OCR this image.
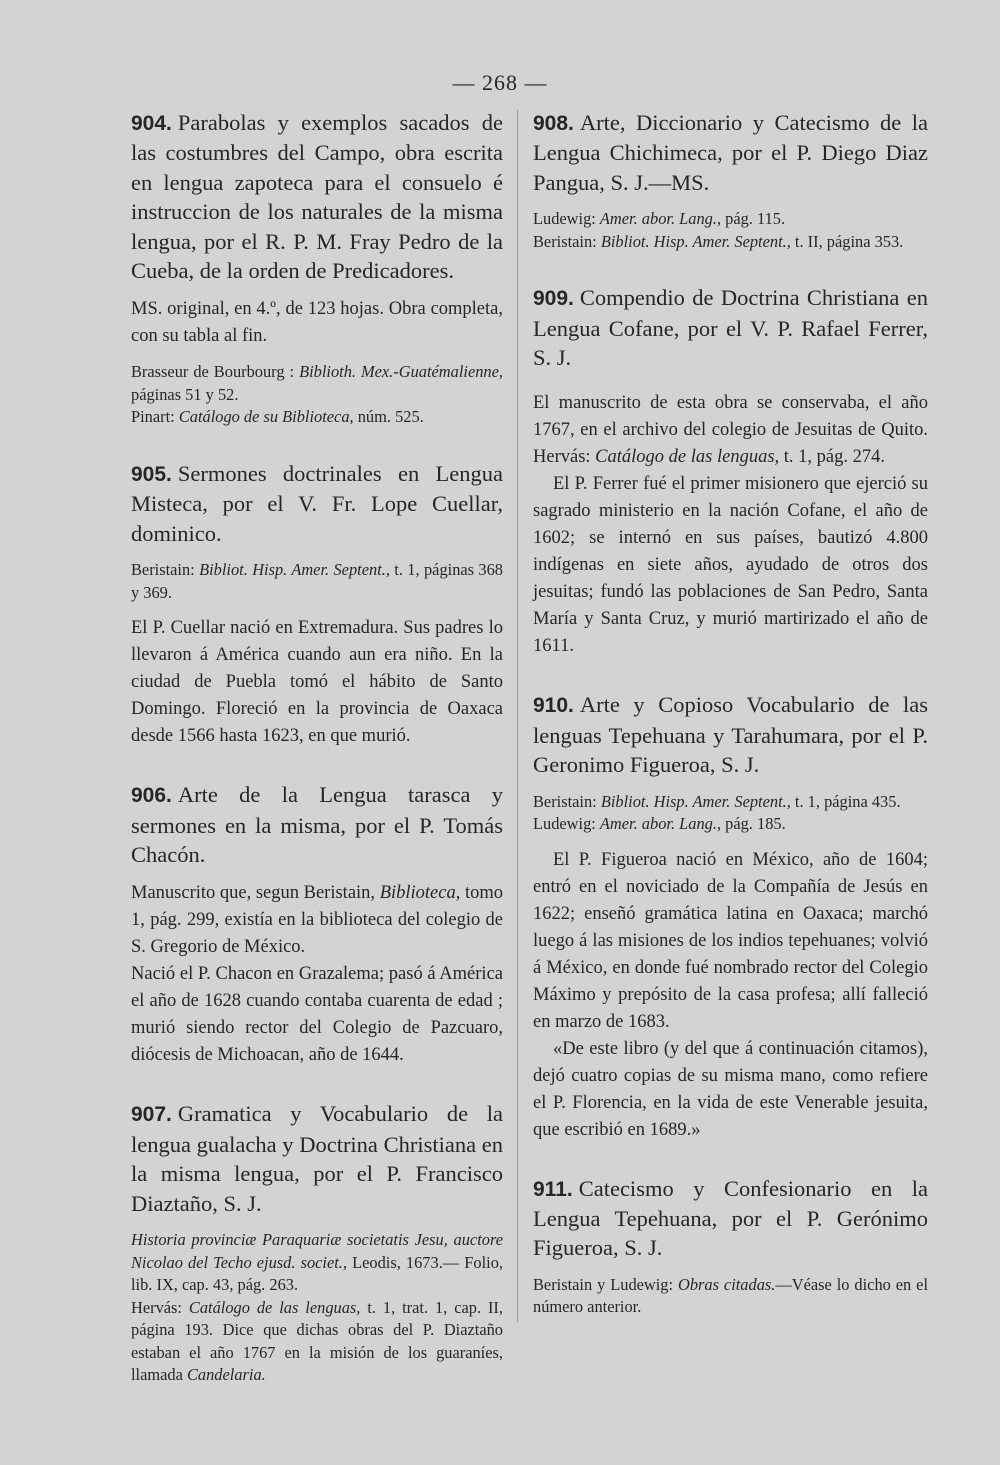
— 268 —

904. Parabolas y exemplos sacados de las costumbres del Campo, obra escrita en lengua zapoteca para el consuelo é instruccion de los naturales de la misma lengua, por el R. P. M. Fray Pedro de la Cueba, de la orden de Predicadores.

MS. original, en 4.º, de 123 hojas. Obra completa, con su tabla al fin.

Brasseur de Bourbourg : Biblioth. Mex.-Guatémalienne, páginas 51 y 52.

Pinart: Catálogo de su Biblioteca, núm. 525.

905. Sermones doctrinales en Lengua Misteca, por el V. Fr. Lope Cuellar, dominico.

Beristain: Bibliot. Hisp. Amer. Septent., t. 1, páginas 368 y 369.

El P. Cuellar nació en Extremadura. Sus padres lo llevaron á América cuando aun era niño. En la ciudad de Puebla tomó el hábito de Santo Domingo. Floreció en la provincia de Oaxaca desde 1566 hasta 1623, en que murió.

906. Arte de la Lengua tarasca y sermones en la misma, por el P. Tomás Chacón.

Manuscrito que, segun Beristain, Biblioteca, tomo 1, pág. 299, existía en la biblioteca del colegio de S. Gregorio de México.

Nació el P. Chacon en Grazalema; pasó á América el año de 1628 cuando contaba cuarenta de edad ; murió siendo rector del Colegio de Pazcuaro, diócesis de Michoacan, año de 1644.

907. Gramatica y Vocabulario de la lengua gualacha y Doctrina Christiana en la misma lengua, por el P. Francisco Diaztaño, S. J.

Historia provinciæ Paraquariæ societatis Jesu, auctore Nicolao del Techo ejusd. societ., Leodis, 1673.— Folio, lib. IX, cap. 43, pág. 263.

Hervás: Catálogo de las lenguas, t. 1, trat. 1, cap. II, página 193. Dice que dichas obras del P. Diaztaño estaban el año 1767 en la misión de los guaraníes, llamada Candelaria.

908. Arte, Diccionario y Catecismo de la Lengua Chichimeca, por el P. Diego Diaz Pangua, S. J.—MS.

Ludewig: Amer. abor. Lang., pág. 115.

Beristain: Bibliot. Hisp. Amer. Septent., t. II, página 353.

909. Compendio de Doctrina Christiana en Lengua Cofane, por el V. P. Rafael Ferrer, S. J.

El manuscrito de esta obra se conservaba, el año 1767, en el archivo del colegio de Jesuitas de Quito. Hervás: Catálogo de las lenguas, t. 1, pág. 274.

El P. Ferrer fué el primer misionero que ejerció su sagrado ministerio en la nación Cofane, el año de 1602; se internó en sus países, bautizó 4.800 indígenas en siete años, ayudado de otros dos jesuitas; fundó las poblaciones de San Pedro, Santa María y Santa Cruz, y murió martirizado el año de 1611.

910. Arte y Copioso Vocabulario de las lenguas Tepehuana y Tarahumara, por el P. Geronimo Figueroa, S. J.

Beristain: Bibliot. Hisp. Amer. Septent., t. 1, página 435.

Ludewig: Amer. abor. Lang., pág. 185.

El P. Figueroa nació en México, año de 1604; entró en el noviciado de la Compañía de Jesús en 1622; enseñó gramática latina en Oaxaca; marchó luego á las misiones de los indios tepehuanes; volvió á México, en donde fué nombrado rector del Colegio Máximo y prepósito de la casa profesa; allí falleció en marzo de 1683.

«De este libro (y del que á continuación citamos), dejó cuatro copias de su misma mano, como refiere el P. Florencia, en la vida de este Venerable jesuita, que escribió en 1689.»

911. Catecismo y Confesionario en la Lengua Tepehuana, por el P. Gerónimo Figueroa, S. J.

Beristain y Ludewig: Obras citadas.—Véase lo dicho en el número anterior.
